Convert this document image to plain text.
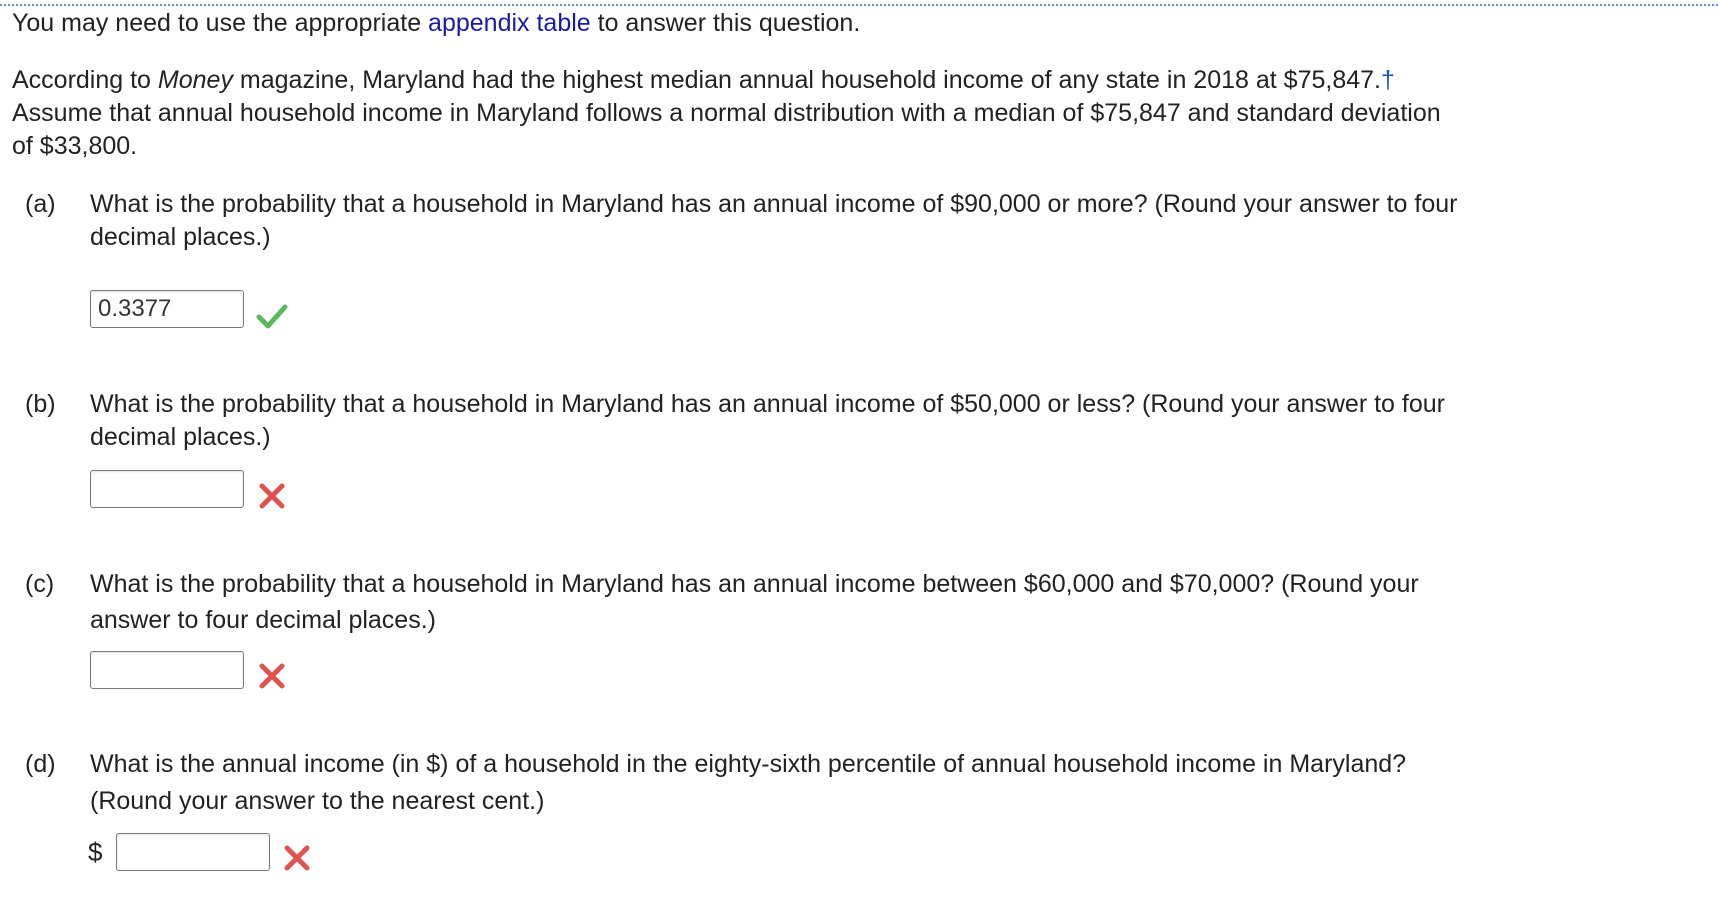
You may need to use the appropriate appendix table to answer this question.
According to Money magazine, Maryland had the highest median annual household income of any state in 2018 at $75,847.†
Assume that annual household income in Maryland follows a normal distribution with a median of $75,847 and standard deviation
of $33,800.
(a) What is the probability that a household in Maryland has an annual income of $90,000 or more? (Round your answer to four
decimal places.)
0.3377
(b) What is the probability that a household in Maryland has an annual income of $50,000 or less? (Round your answer to four
decimal places.)
(c) What is the probability that a household in Maryland has an annual income between $60,000 and $70,000? (Round your
answer to four decimal places.)
(d) What is the annual income (in $) of a household in the eighty-sixth percentile of annual household income in Maryland?
(Round your answer to the nearest cent.)
$
